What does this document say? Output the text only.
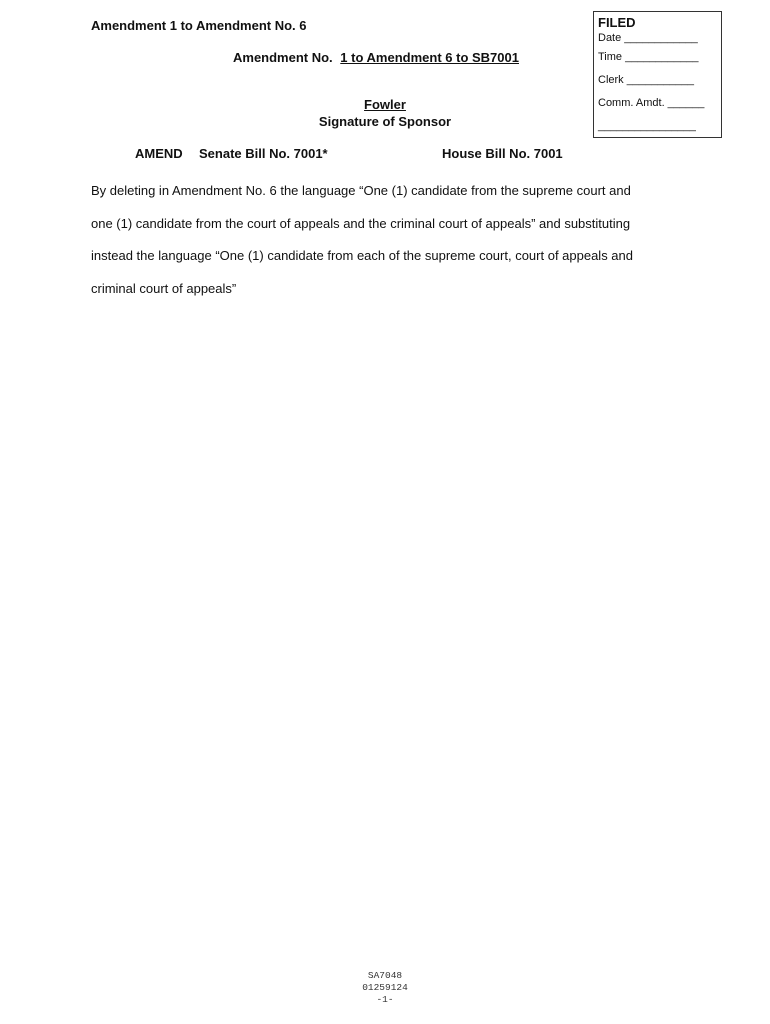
Amendment 1 to Amendment No. 6
Amendment No. 1 to Amendment 6 to SB7001
Fowler
Signature of Sponsor
AMEND Senate Bill No. 7001*	House Bill No. 7001
By deleting in Amendment No. 6 the language “One (1) candidate from the supreme court and
one (1) candidate from the court of appeals and the criminal court of appeals” and substituting
instead the language “One (1) candidate from each of the supreme court, court of appeals and
criminal court of appeals”
FILED
Date ____________
Time ____________
Clerk ___________
Comm. Amdt. ______
________________
SA7048
01259124
-1-
